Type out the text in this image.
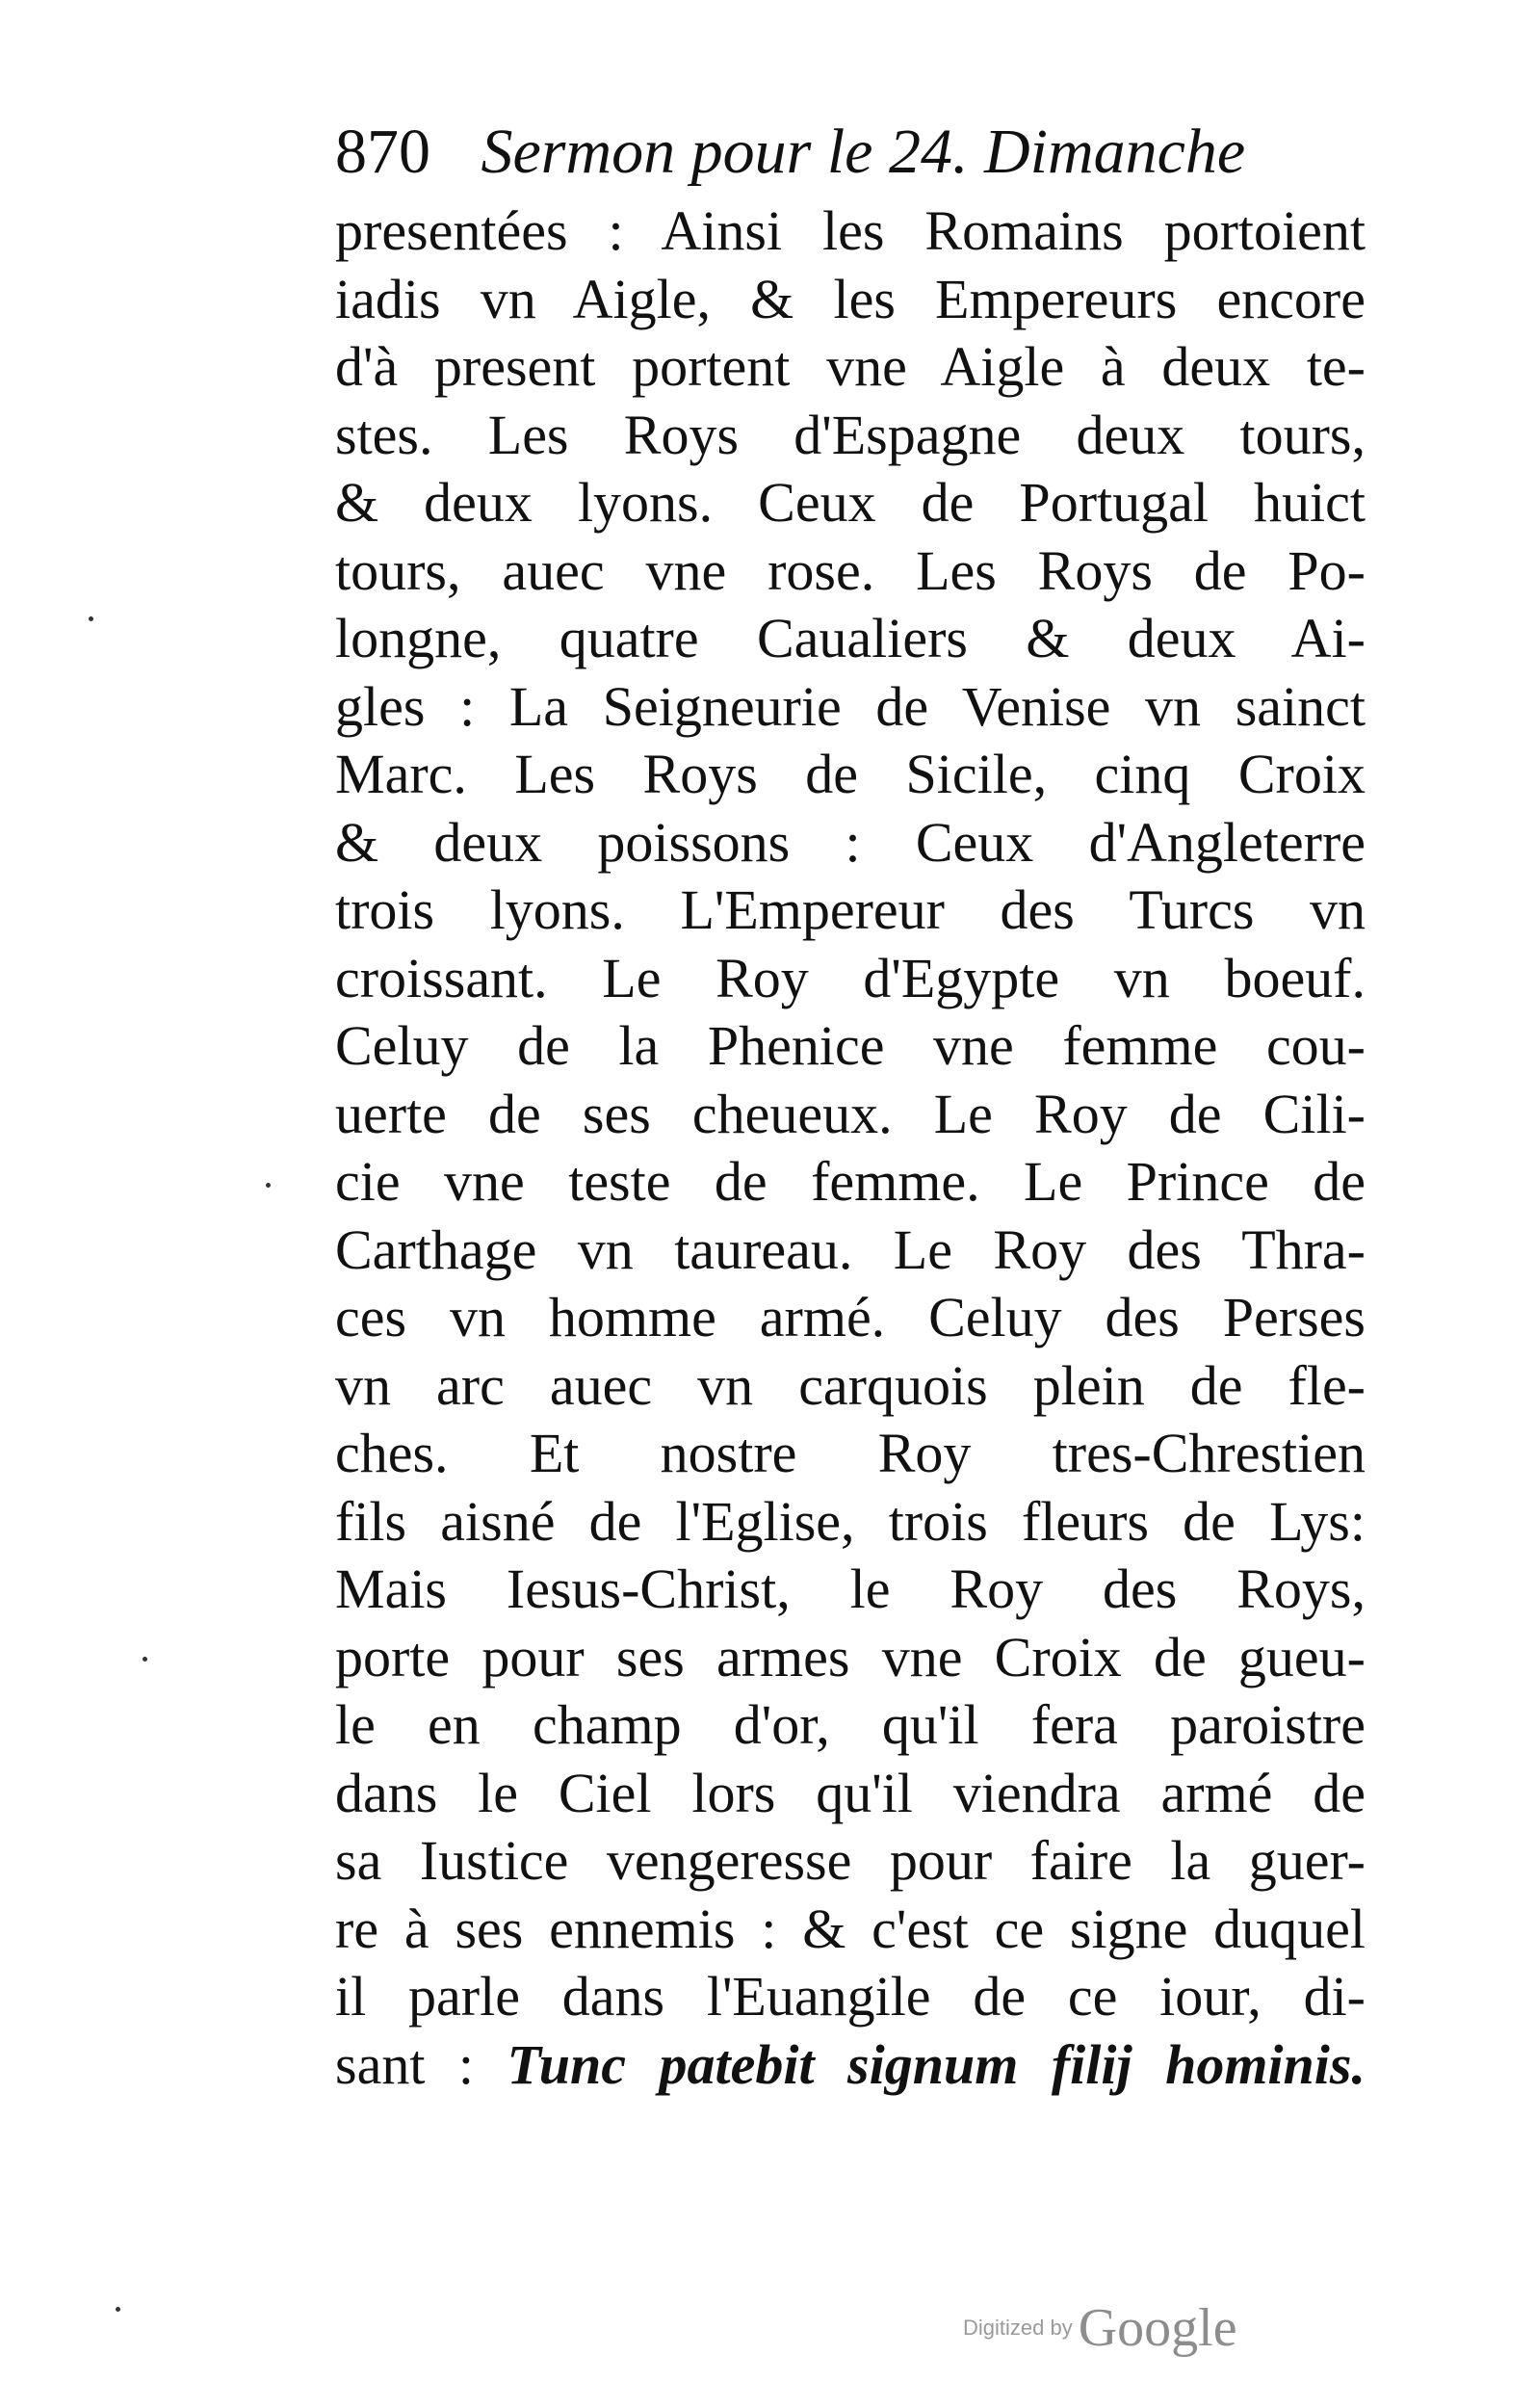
870 Sermon pour le 24. Dimanche
presentées : Ainsi les Romains portoient
iadis vn Aigle, & les Empereurs encore
d'à present portent vne Aigle à deux te-
stes. Les Roys d'Espagne deux tours,
& deux lyons. Ceux de Portugal huict
tours, auec vne rose. Les Roys de Po-
longne, quatre Caualiers & deux Ai-
gles : La Seigneurie de Venise vn sainct
Marc. Les Roys de Sicile, cinq Croix
& deux poissons : Ceux d'Angleterre
trois lyons. L'Empereur des Turcs vn
croissant. Le Roy d'Egypte vn boeuf.
Celuy de la Phenice vne femme cou-
uerte de ses cheueux. Le Roy de Cili-
cie vne teste de femme. Le Prince de
Carthage vn taureau. Le Roy des Thra-
ces vn homme armé. Celuy des Perses
vn arc auec vn carquois plein de fle-
ches. Et nostre Roy tres-Chrestien
fils aisné de l'Eglise, trois fleurs de Lys:
Mais Iesus-Christ, le Roy des Roys,
porte pour ses armes vne Croix de gueu-
le en champ d'or, qu'il fera paroistre
dans le Ciel lors qu'il viendra armé de
sa Iustice vengeresse pour faire la guer-
re à ses ennemis : & c'est ce signe duquel
il parle dans l'Euangile de ce iour, di-
sant : Tunc patebit signum filij hominis.
Digitized by Google
